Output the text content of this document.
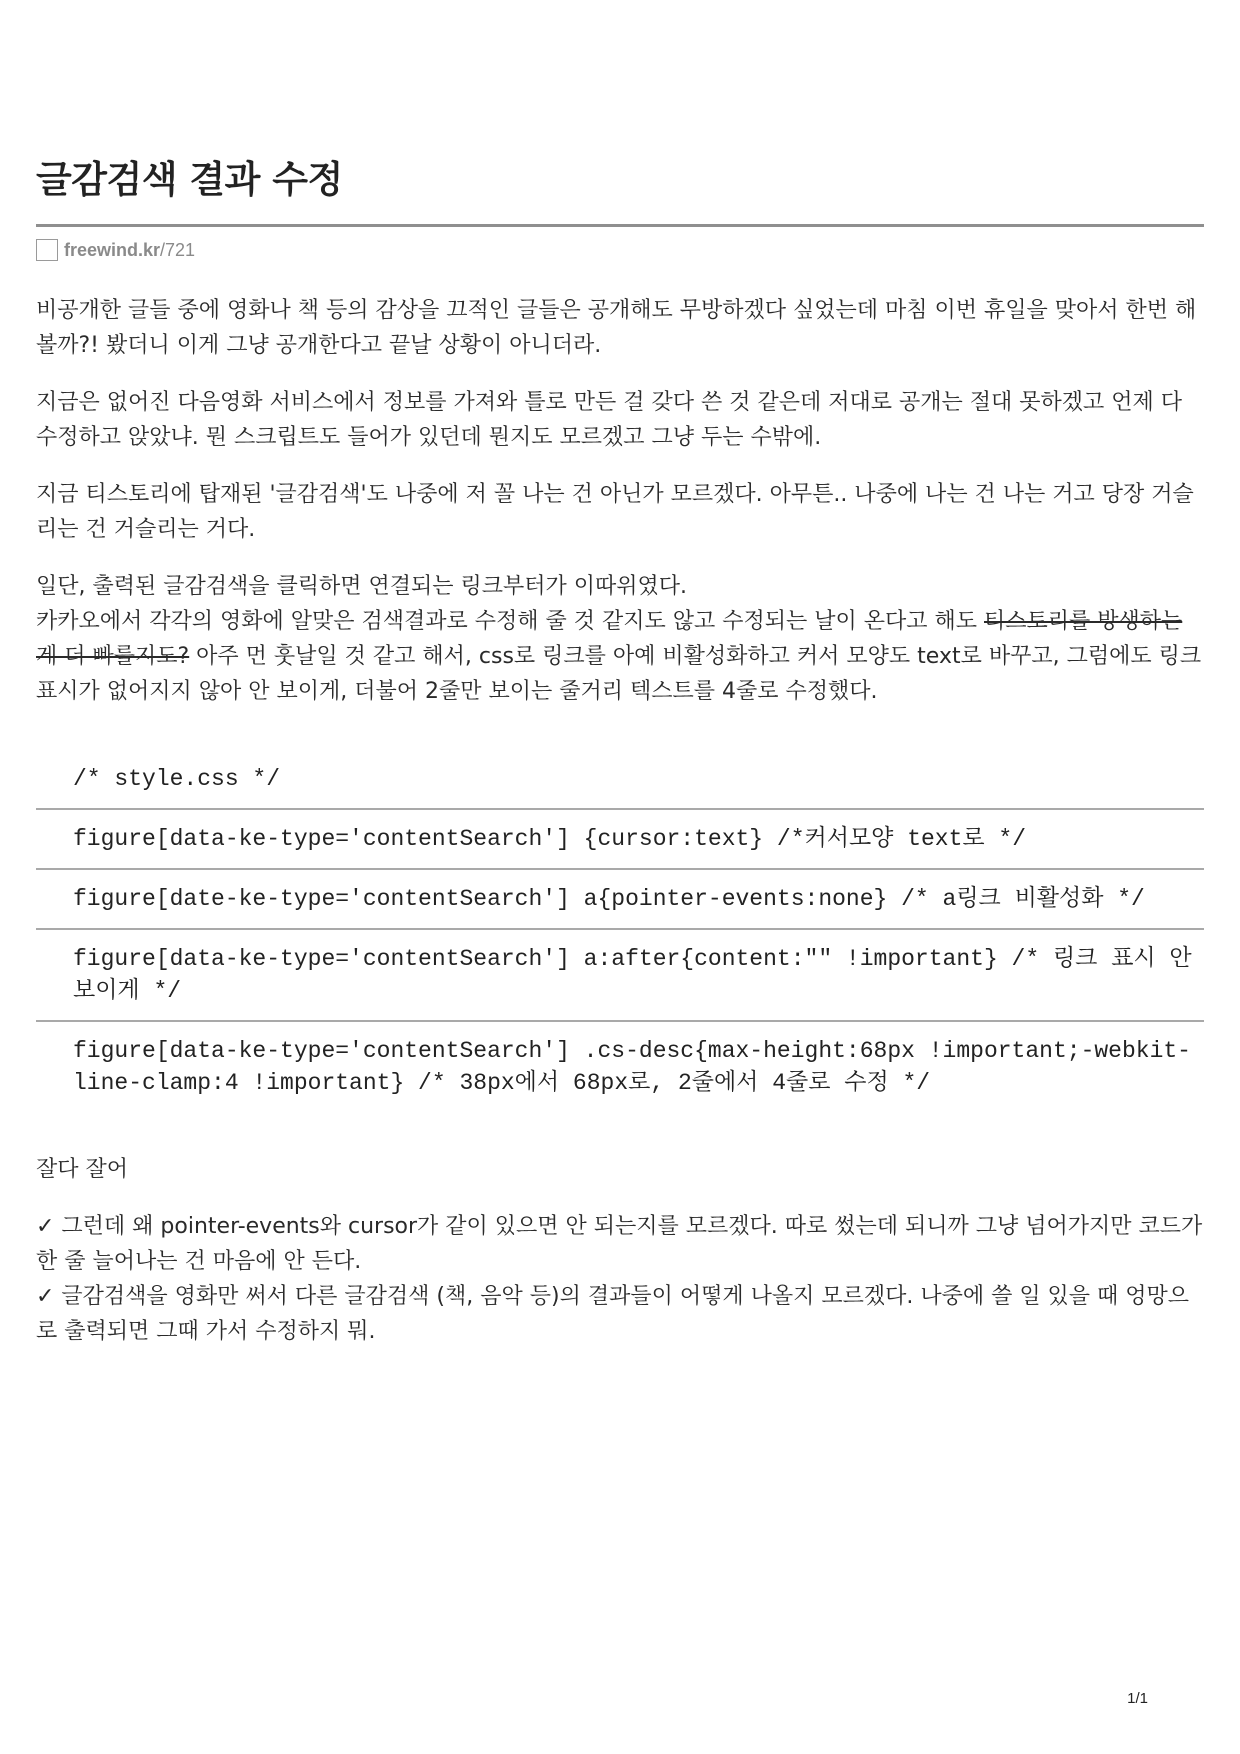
글감검색 결과 수정
freewind.kr /721

비공개한 글들 중에 영화나 책 등의 감상을 끄적인 글들은 공개해도 무방하겠다 싶었는데 마침 이번 휴일을 맞아서 한번 해 볼까?! 봤더니 이게 그냥 공개한다고 끝날 상황이 아니더라.

지금은 없어진 다음영화 서비스에서 정보를 가져와 틀로 만든 걸 갖다 쓴 것 같은데 저대로 공개는 절대 못하겠고 언제 다 수정하고 앉았냐. 뭔 스크립트도 들어가 있던데 뭔지도 모르겠고 그냥 두는 수밖에.

지금 티스토리에 탑재된 '글감검색'도 나중에 저 꼴 나는 건 아닌가 모르겠다. 아무튼.. 나중에 나는 건 나는 거고 당장 거슬리는 건 거슬리는 거다.

일단, 출력된 글감검색을 클릭하면 연결되는 링크부터가 이따위였다.
카카오에서 각각의 영화에 알맞은 검색결과로 수정해 줄 것 같지도 않고 수정되는 날이 온다고 해도 티스토리를 방생하는 게 더 빠를지도? 아주 먼 훗날일 것 같고 해서, css로 링크를 아예 비활성화하고 커서 모양도 text로 바꾸고, 그럼에도 링크 표시가 없어지지 않아 안 보이게, 더불어 2줄만 보이는 줄거리 텍스트를 4줄로 수정했다.

/* style.css */
figure[data-ke-type='contentSearch'] {cursor:text} /*커서모양 text로 */
figure[date-ke-type='contentSearch'] a{pointer-events:none} /* a링크 비활성화 */
figure[data-ke-type='contentSearch'] a:after{content:"" !important} /* 링크 표시 안 보이게 */
figure[data-ke-type='contentSearch'] .cs-desc{max-height:68px !important;-webkit-line-clamp:4 !important} /* 38px에서 68px로, 2줄에서 4줄로 수정 */

잘다 잘어

✓ 그런데 왜 pointer-events와 cursor가 같이 있으면 안 되는지를 모르겠다. 따로 썼는데 되니까 그냥 넘어가지만 코드가 한 줄 늘어나는 건 마음에 안 든다.
✓ 글감검색을 영화만 써서 다른 글감검색 (책, 음악 등)의 결과들이 어떻게 나올지 모르겠다. 나중에 쓸 일 있을 때 엉망으로 출력되면 그때 가서 수정하지 뭐.

1/1
